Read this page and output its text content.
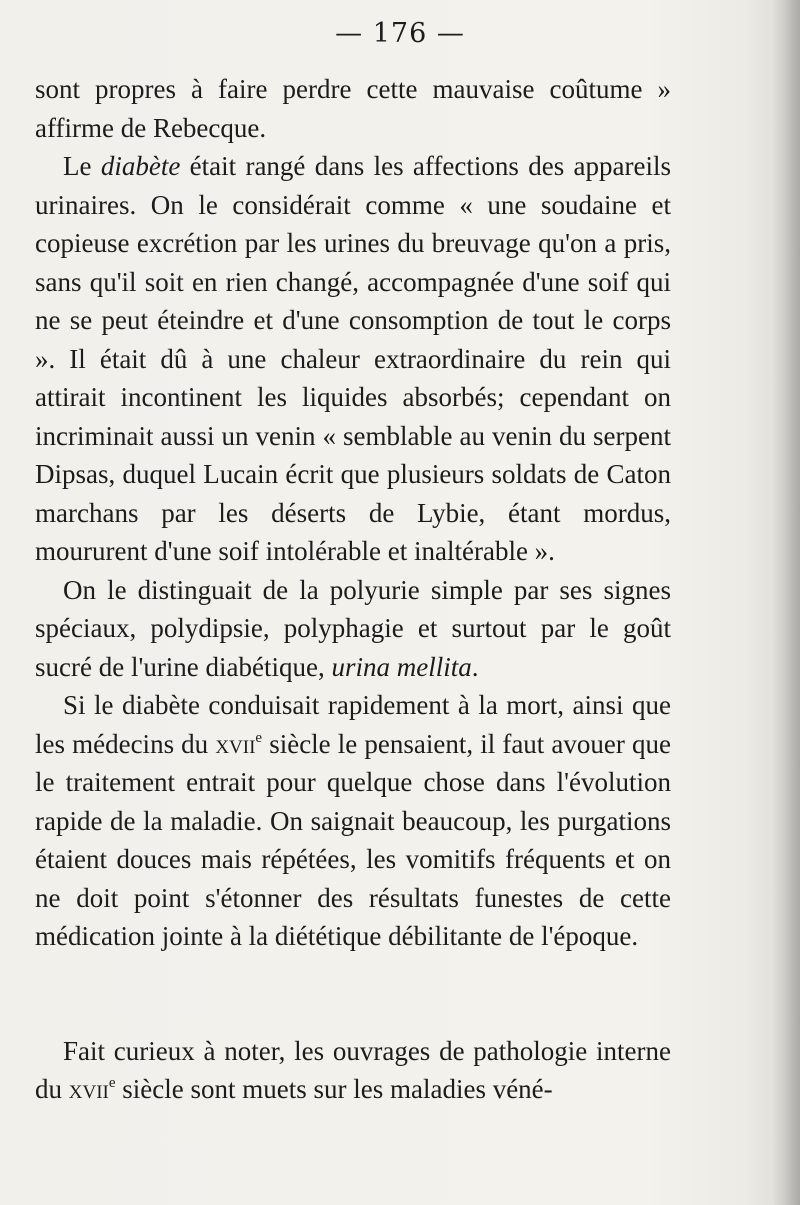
— 176 —

sont propres à faire perdre cette mauvaise coûtume » affirme de Rebecque.

Le diabète était rangé dans les affections des appareils urinaires. On le considérait comme « une soudaine et copieuse excrétion par les urines du breuvage qu'on a pris, sans qu'il soit en rien changé, accompagnée d'une soif qui ne se peut éteindre et d'une consomption de tout le corps ». Il était dû à une chaleur extraordinaire du rein qui attirait incontinent les liquides absorbés; cependant on incriminait aussi un venin « semblable au venin du serpent Dipsas, duquel Lucain écrit que plusieurs soldats de Caton marchans par les déserts de Lybie, étant mordus, moururent d'une soif intolérable et inaltérable ».

On le distinguait de la polyurie simple par ses signes spéciaux, polydipsie, polyphagie et surtout par le goût sucré de l'urine diabétique, urina mellita.

Si le diabète conduisait rapidement à la mort, ainsi que les médecins du xvii$^e$ siècle le pensaient, il faut avouer que le traitement entrait pour quelque chose dans l'évolution rapide de la maladie. On saignait beaucoup, les purgations étaient douces mais répétées, les vomitifs fréquents et on ne doit point s'étonner des résultats funestes de cette médication jointe à la diététique débilitante de l'époque.

Fait curieux à noter, les ouvrages de pathologie interne du xvii$^e$ siècle sont muets sur les maladies véné-
